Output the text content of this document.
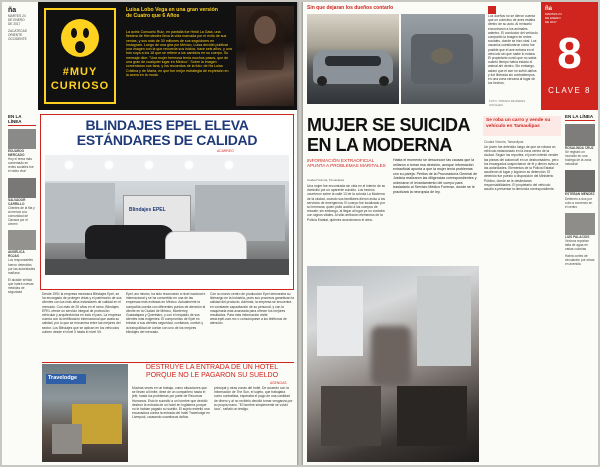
ña
MARTES 24
DE ENERO
DE 2017
ZACATECAS
ORIENTE
OCCIDENTE
#MUY
CURIOSO
Luisa Lobo Vega en una gran versión de Cuatro que 6 Años
La actriz Consuelo Ruiz, en pantalla fue Heidi La Gata, una fiestera de Hernández lleva la vida marcada por el éxito de sus ventas, y sus más de 30 millones de sus seguidores en Instagram. Luego de una gira por México, Luisa decidió publicar una imagen con la que recuerda sus inicios, hace seis años, y una foto suya a los 18 que se refiere a los cambios en su cuerpo. Su mensaje dice: "Una mujer hermosa tenía muchos pasos, que de una gran de cualquier lugar en México". Sobre la imagen comentaron sus fans, y los recuerdos de la foto: de Ha Luisa Cristina y de María, en que fue mejor estrategia de expresión en la acera en la moda.
EN LA LÍNEA
EDUARDO MERCADO
Hoy el tema más comentado en redes sociales fue el video viral
SALVADOR CARRILLO
Clientes de la fila y al menos a la comunidad de Oaxaca por el crimen
ANGÉLICA ROJAS
Los responsables fueron detenidos por las autoridades mañana
El alcalde señaló que habrá nuevas medidas de seguridad
BLINDAJES EPEL ELEVA ESTÁNDARES DE CALIDAD
ACARREO
Blindajes EPEL
Desde 1991 la empresa mexicana Blindajes Epel, se ha encargado de proteger vidas y el patrimonio de sus clientes con los más altos estándares de calidad en el mercado. Con más de 25 años en el ramo, Blindajes EPEL ofrece un servicio integral de protección vehicular y arquitectónica en todo el país. La empresa cuenta con la certificación internacional que avala su calidad, por lo que se encuentra entre las mejores del sector. Los Blindajes que se aplican en los vehículos cubren desde el nivel II hasta el nivel VII.
Epel, así mismo, ha sido reconocido a nivel nacional e internacional y se ha convertido en una de las empresas más exitosas en México. Actualmente la compañía cuenta con diferentes puntos de atención al cliente en la Ciudad de México, Monterrey, Guadalajara y Querétaro, y con el respaldo de sus clientes más exigentes. El compromiso de Epel es brindar a sus clientes seguridad, confianza, confort y la tranquilidad de contar con uno de los mejores blindajes del mercado.
Con su nuevo centro de producción Epel demuestra su liderazgo en la industria, pues sus procesos garantizan la calidad del producto. Además, la empresa se encuentra en constante capacitación de su personal, y con la maquinaria más avanzada para ofrecer los mejores resultados. Para más información visite www.epel.com.mx o comuníquese a los teléfonos de atención.
DESTRUYE LA ENTRADA DE UN HOTEL
PORQUE NO LE PAGARON SU SUELDO
AGENCIAS
Travelodge
Muchas veces en un trabajo, como situaciones que se llevan al límite, dese de un compañero hasta el jefe, hasta los problemas por parte de Recursos Humanos. Esto le sucedió a un hombre que decidió destruir la entrada de un hotel en Inglaterra porque no le habían pagado su sueldo. El sujeto estrelló una excavadora contra la entrada del hotel Travelodge en Liverpool, causando cuantiosos daños.
principal y otras zonas del hotel. De acuerdo con la información de The Sun, el sujeto, que trabajaba como contratista, esperaba el pago de una cantidad de dinero y al no recibirlo decidió tomar venganza por su propia mano. "El hombre simplemente se volvió loco", señaló un testigo.
Sin que dejaran los dueños contarlo
Los dueños no se dieron cuenta que un colectivo de aves estaba dentro de su auto. Al revisarlo encontraron a los animales adentro. El conductor del vehículo compartió la imagen en redes sociales, donde se hizo viral. Los usuarios cuestionaron cómo fue posible que el ave entrara en el vehículo sin que nadie lo notara. El propietario contó que no sabía cuánto tiempo había estado el animal ahí dentro. Sin embargo, aclaró que el ave no sufrió daños y fue liberada sin contratiempos, en una zona cercana al lugar de los hechos.
FOTO: TOMADA DE REDES SOCIALES
ña
MARTES 24
DE ENERO
DE 2017
8
CLAVE 8
MUJER SE SUICIDA
EN LA MODERNA
INFORMACIÓN EXTRAOFICIAL APUNTA A PROBLEMAS MARITALES
Ciudad Victoria, Tamaulipas
Una mujer fue encontrada sin vida en el interior de su domicilio por un aparente suicidio. Los hechos ocurrieron sobre la calle 13 de la colonia La Moderna de la ciudad, cuando sus familiares dieron aviso a los servicios de emergencia. El cuerpo fue localizado por su hermana, quien pidió auxilio a los cuerpos de rescate; sin embargo, al llegar al lugar ya no contaba con signos vitales. Al sitio arribaron elementos de la Policía Estatal, quienes acordonaron el área.
Hasta el momento se desconoce las causas que la orillaron a tomar esa decisión, aunque información extraoficial apunta a que la mujer tenía problemas con su pareja. Peritos de la Procuraduría General de Justicia realizaron las diligencias correspondientes y ordenaron el levantamiento del cuerpo para trasladarlo al Servicio Médico Forense, donde se le practicará la necropsia de ley.
Se roba un carro y vende su vehículo en Tamaulipas
Ciudad Victoria, Tamaulipas
Un joven fue detenido luego de que se robara un vehículo estacionado en la zona centro de la ciudad. Según los reportes, el joven intentó vender las piezas del automóvil en un deshuesadero, pero los encargados sospecharon de él y dieron aviso a las autoridades. Elementos de la Policía Estatal acudieron al lugar y lograron su detención. El detenido fue puesto a disposición del Ministerio Público, donde se le deslindarán responsabilidades. El propietario del vehículo acudió a presentar la denuncia correspondiente.
EN LA LÍNEA
ROSALINDA CRUZ
Se registró un incendio en una bodega de la zona industrial
ESTEBAN MÉNDEZ
Detienen a dos por robo a comercio en el centro
LUIS PALACIOS
Vecinos reportan falta de agua en varias colonias
Habrá cortes de circulación por obras en avenida
